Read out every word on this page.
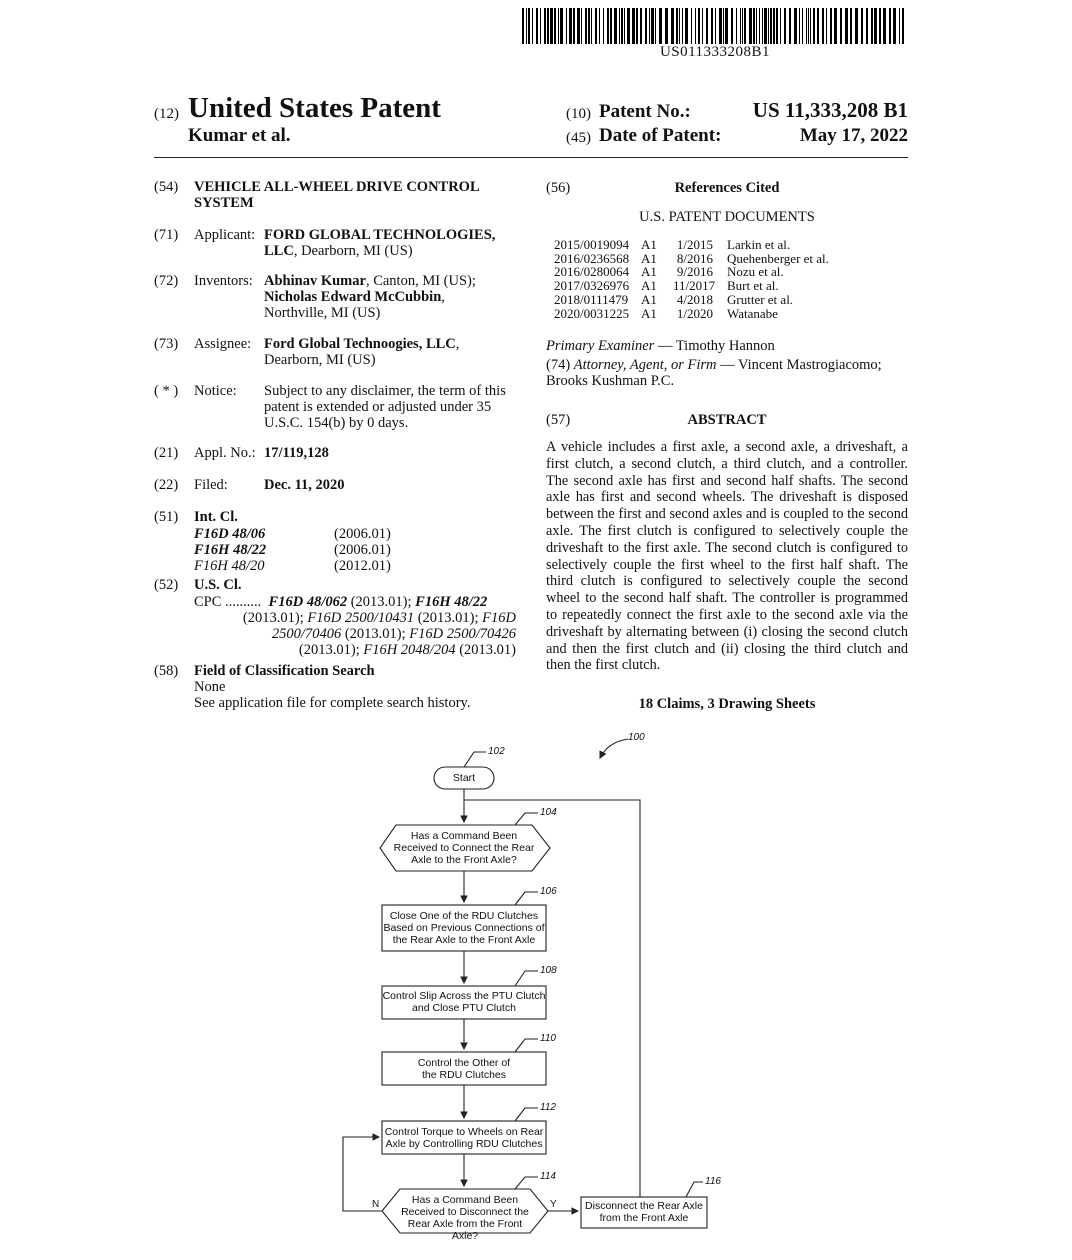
US011333208B1
(12) United States Patent
Kumar et al.
(10) Patent No.:	US 11,333,208 B1
(45) Date of Patent:	May 17, 2022
(54) VEHICLE ALL-WHEEL DRIVE CONTROL
SYSTEM
(71) Applicant: FORD GLOBAL TECHNOLOGIES,
LLC, Dearborn, MI (US)
(72) Inventors: Abhinav Kumar, Canton, MI (US);
Nicholas Edward McCubbin,
Northville, MI (US)
(73) Assignee: Ford Global Technoogies, LLC,
Dearborn, MI (US)
( * ) Notice: Subject to any disclaimer, the term of this
patent is extended or adjusted under 35
U.S.C. 154(b) by 0 days.
(21) Appl. No.: 17/119,128
(22) Filed: Dec. 11, 2020
(51) Int. Cl.
F16D 48/06	(2006.01)
F16H 48/22	(2006.01)
F16H 48/20	(2012.01)
(52) U.S. Cl.
CPC .......... F16D 48/062 (2013.01); F16H 48/22
(2013.01); F16D 2500/10431 (2013.01); F16D
2500/70406 (2013.01); F16D 2500/70426
(2013.01); F16H 2048/204 (2013.01)
(58) Field of Classification Search
None
See application file for complete search history.
(56)	References Cited
U.S. PATENT DOCUMENTS
2015/0019094 A1 1/2015 Larkin et al.
2016/0236568 A1 8/2016 Quehenberger et al.
2016/0280064 A1 9/2016 Nozu et al.
2017/0326976 A1 11/2017 Burt et al.
2018/0111479 A1 4/2018 Grutter et al.
2020/0031225 A1 1/2020 Watanabe
Primary Examiner — Timothy Hannon
(74) Attorney, Agent, or Firm — Vincent Mastrogiacomo;
Brooks Kushman P.C.
(57)	ABSTRACT
A vehicle includes a first axle, a second axle, a driveshaft, a first clutch, a second clutch, a third clutch, and a controller. The second axle has first and second half shafts. The second axle has first and second wheels. The driveshaft is disposed between the first and second axles and is coupled to the second axle. The first clutch is configured to selectively couple the driveshaft to the first axle. The second clutch is configured to selectively couple the first wheel to the first half shaft. The third clutch is configured to selectively couple the second wheel to the second half shaft. The controller is programmed to repeatedly connect the first axle to the second axle via the driveshaft by alternating between (i) closing the second clutch and then the first clutch and (ii) closing the third clutch and then the first clutch.
18 Claims, 3 Drawing Sheets
100
102
Start
104
Has a Command Been
Received to Connect the Rear
Axle to the Front Axle?
106
Close One of the RDU Clutches
Based on Previous Connections of
the Rear Axle to the Front Axle
108
Control Slip Across the PTU Clutch
and Close PTU Clutch
110
Control the Other of
the RDU Clutches
112
Control Torque to Wheels on Rear
Axle by Controlling RDU Clutches
114
Has a Command Been
Received to Disconnect the
Rear Axle from the Front Axle?
N	Y
116
Disconnect the Rear Axle
from the Front Axle
